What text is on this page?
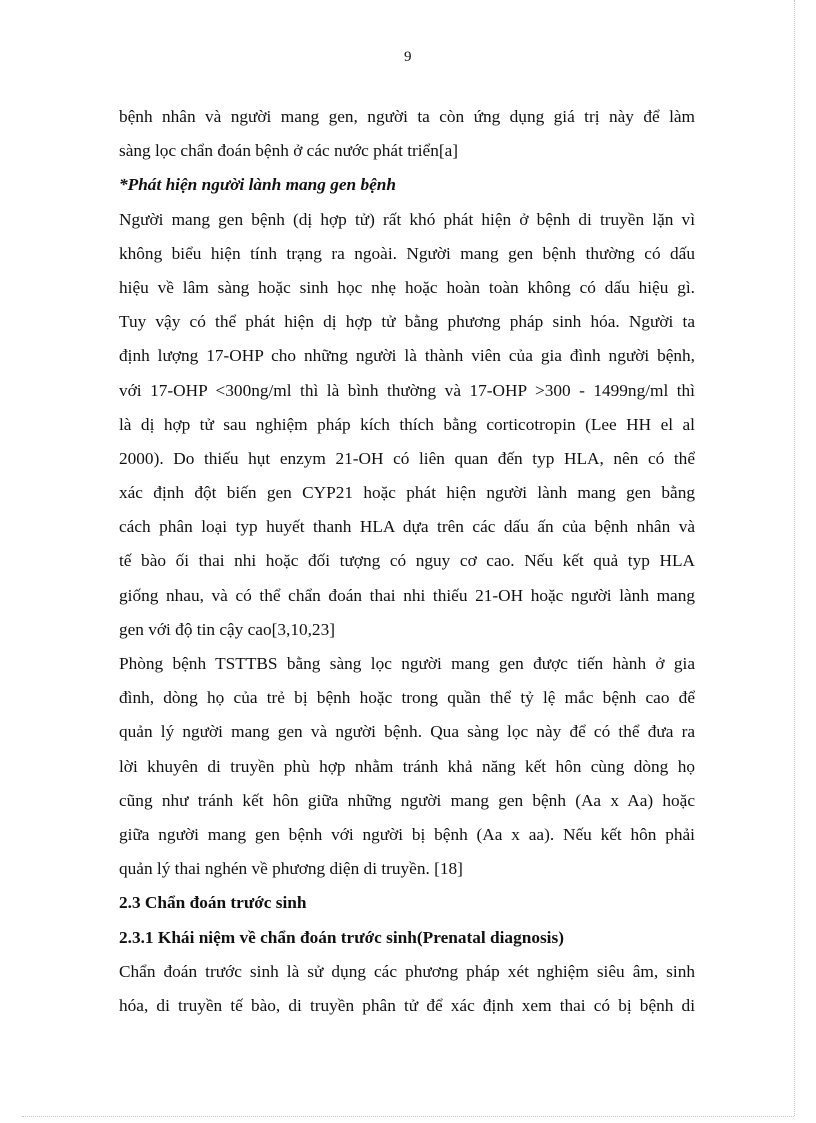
9
bệnh nhân và người mang gen, người ta còn ứng dụng giá trị này để làm
sàng lọc chẩn đoán bệnh ở các nước phát triển[a]
*Phát hiện người lành mang gen bệnh
Người mang gen bệnh (dị hợp tử) rất khó phát hiện ở bệnh di truyền lặn vì
không biểu hiện tính trạng ra ngoài. Người mang gen bệnh thường có dấu
hiệu về lâm sàng hoặc sinh học nhẹ hoặc hoàn toàn không có dấu hiệu gì.
Tuy vậy có thể phát hiện dị hợp tử bằng phương pháp sinh hóa. Người ta
định lượng 17-OHP cho những người là thành viên của gia đình người bệnh,
với 17-OHP <300ng/ml thì là bình thường và 17-OHP >300 - 1499ng/ml thì
là dị hợp tử sau nghiệm pháp kích thích bằng corticotropin (Lee HH el al
2000). Do thiếu hụt enzym 21-OH có liên quan đến typ HLA, nên có thể
xác định đột biến gen CYP21 hoặc phát hiện người lành mang gen bằng
cách phân loại typ huyết thanh HLA dựa trên các dấu ấn của bệnh nhân và
tế bào ối thai nhi hoặc đối tượng có nguy cơ cao. Nếu kết quả typ HLA
giống nhau, và có thể chẩn đoán thai nhi thiếu 21-OH hoặc người lành mang
gen với độ tin cậy cao[3,10,23]
Phòng bệnh TSTTBS bằng sàng lọc người mang gen được tiến hành ở gia
đình, dòng họ của trẻ bị bệnh hoặc trong quần thể tỷ lệ mắc bệnh cao để
quản lý người mang gen và người bệnh. Qua sàng lọc này để có thể đưa ra
lời khuyên di truyền phù hợp nhằm tránh khả năng kết hôn cùng dòng họ
cũng như tránh kết hôn giữa những người mang gen bệnh (Aa x Aa) hoặc
giữa người mang gen bệnh với người bị bệnh (Aa x aa). Nếu kết hôn phải
quản lý thai nghén về phương diện di truyền. [18]
2.3 Chẩn đoán trước sinh
2.3.1 Khái niệm về chẩn đoán trước sinh(Prenatal diagnosis)
Chẩn đoán trước sinh là sử dụng các phương pháp xét nghiệm siêu âm, sinh
hóa, di truyền tế bào, di truyền phân tử để xác định xem thai có bị bệnh di
